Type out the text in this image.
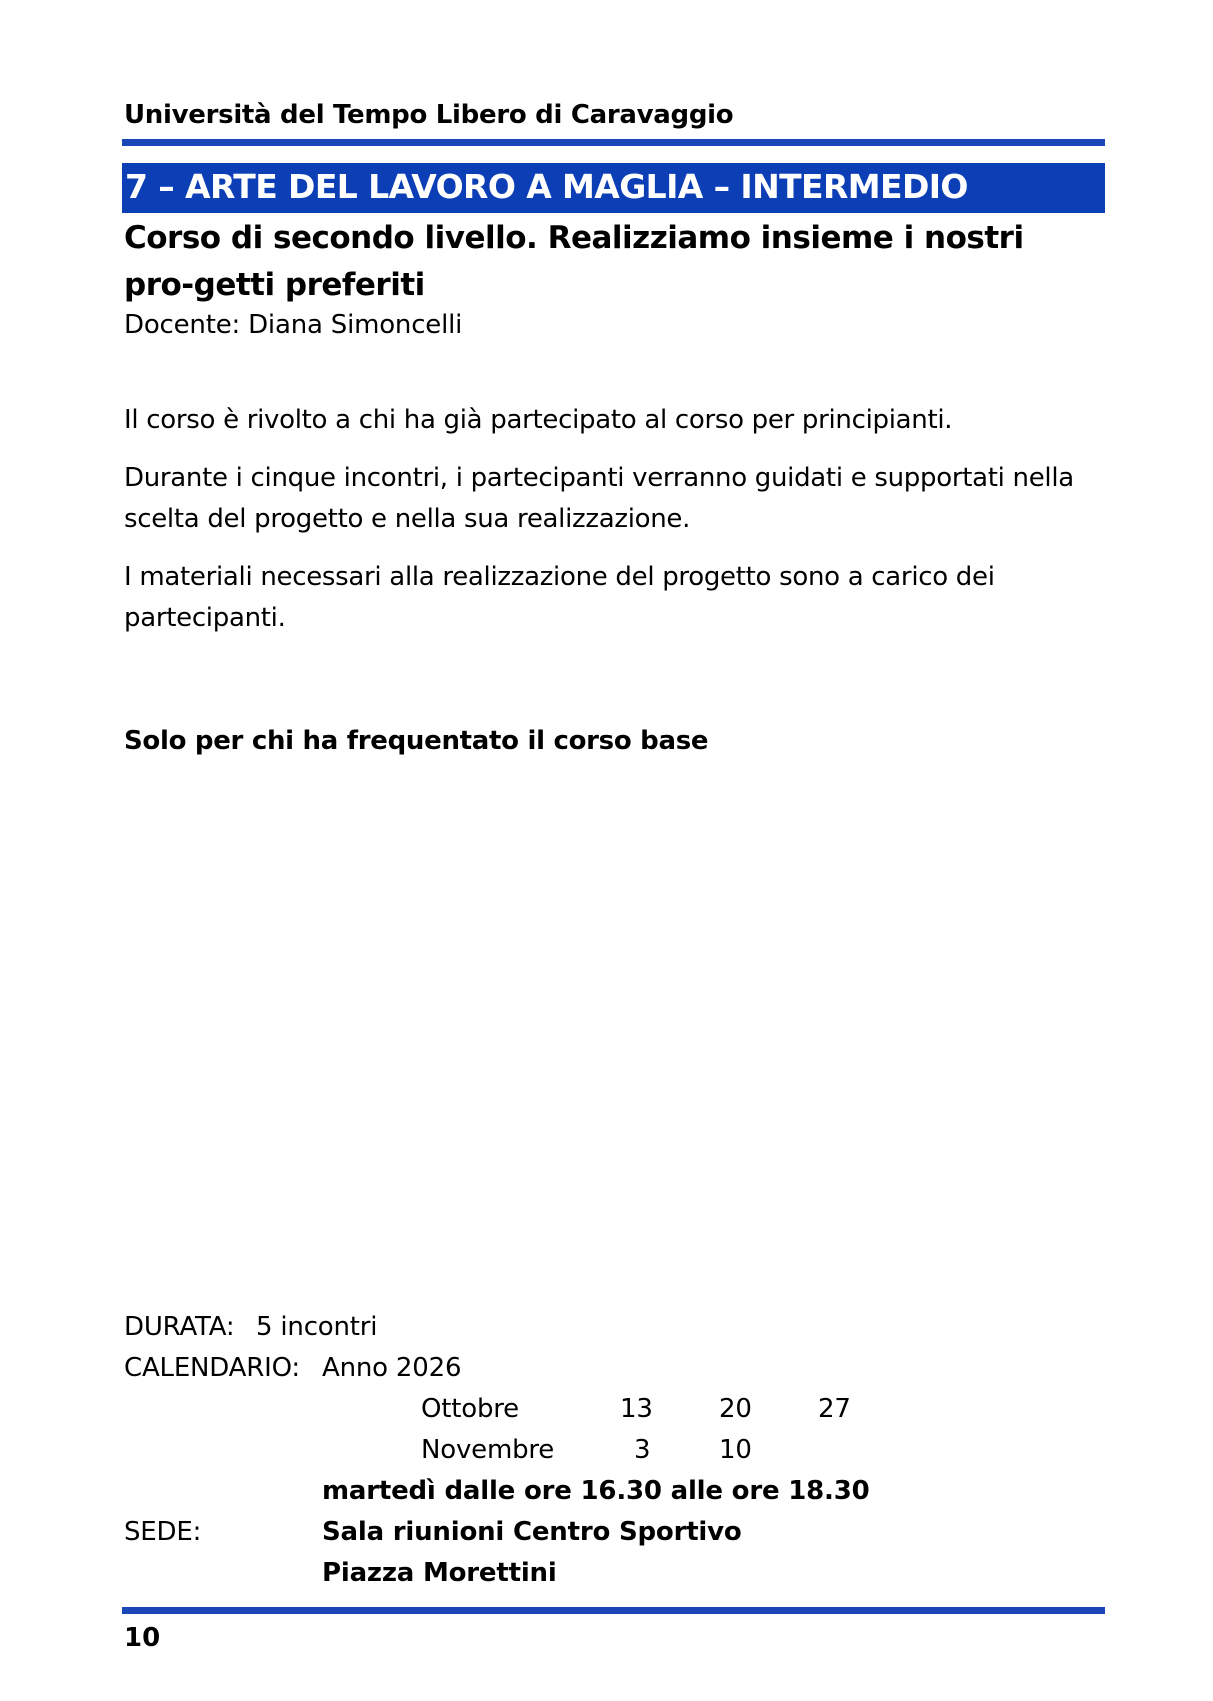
Università del Tempo Libero di Caravaggio
7 – ARTE DEL LAVORO A MAGLIA – INTERMEDIO
Corso di secondo livello. Realizziamo insieme i nostri pro-getti preferiti
Docente: Diana Simoncelli
Il corso è rivolto a chi ha già partecipato al corso per principianti.
Durante i cinque incontri, i partecipanti verranno guidati e supportati nella scelta del progetto e nella sua realizzazione.
I materiali necessari alla realizzazione del progetto sono a carico dei partecipanti.
Solo per chi ha frequentato il corso base
DURATA: 5 incontri
CALENDARIO: Anno 2026
Ottobre	13	20	27
Novembre	3	10
martedì dalle ore 16.30 alle ore 18.30
SEDE:	Sala riunioni Centro Sportivo
Piazza Morettini
10
